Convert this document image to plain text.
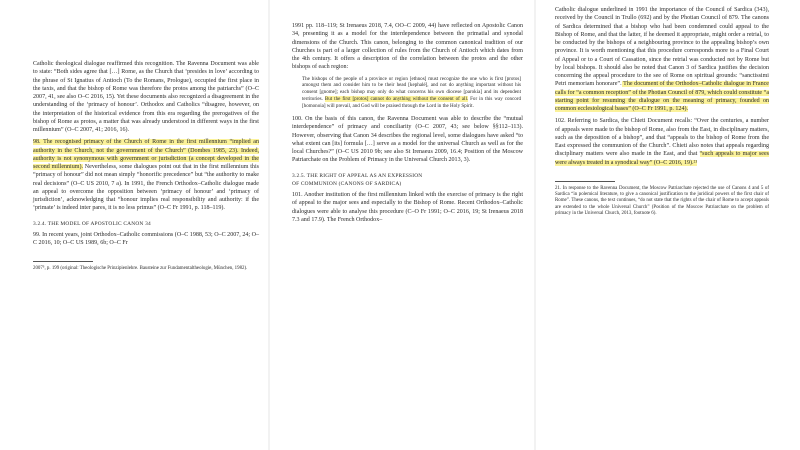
Catholic theological dialogue reaffirmed this recognition. The Ravenna Document was able to state: “Both sides agree that […] Rome, as the Church that ‘presides in love’ according to the phrase of St Ignatius of Antioch (To the Romans, Prologue), occupied the first place in the taxis, and that the bishop of Rome was therefore the protos among the patriarchs” (O–C 2007, 41, see also O–C 2016, 15). Yet these documents also recognized a disagreement in the understanding of the ‘primacy of honour’. Orthodox and Catholics “disagree, however, on the interpretation of the historical evidence from this era regarding the prerogatives of the bishop of Rome as protos, a matter that was already understood in different ways in the first millennium” (O–C 2007, 41; 2016, 16).

98. The recognised primacy of the Church of Rome in the first millennium “implied an authority in the Church, not the government of the Church” (Dombes 1985, 23). Indeed, authority is not synonymous with government or jurisdiction (a concept developed in the second millennium). Nevertheless, some dialogues point out that in the first millennium this “primacy of honour” did not mean simply “honorific precedence” but “the authority to make real decisions” (O–C US 2010, 7 a). In 1991, the French Orthodox–Catholic dialogue made an appeal to overcome the opposition between ‘primacy of honour’ and ‘primacy of jurisdiction’, acknowledging that “honour implies real responsibility and authority: if the ‘primate’ is indeed inter pares, it is no less primus” (O–C Fr 1991, p. 118–119).

3.2.4. THE MODEL OF APOSTOLIC CANON 34

99. In recent years, joint Orthodox–Catholic commissions (O–C 1988, 53; O–C 2007, 24; O–C 2016, 10; O–C US 1989, 6b; O–C Fr

2007⁵, p. 199 (original: Theologische Prinzipienlehre. Bausteine zur Fundamentaltheologie, München, 1982).

1991 pp. 118–119; St Irenaeus 2018, 7.4, OO–C 2009, 44) have reflected on Apostolic Canon 34, presenting it as a model for the interdependence between the primatial and synodal dimensions of the Church. This canon, belonging to the common canonical tradition of our Churches is part of a larger collection of rules from the Church of Antioch which dates from the 4th century. It offers a description of the correlation between the protos and the other bishops of each region:

The bishops of the people of a province or region [ethnos] must recognize the one who is first [protos] amongst them and consider him to be their head [kephalé], and not do anything important without his consent [gnome]; each bishop may only do what concerns his own diocese [parokia] and its dependent territories. But the first [protos] cannot do anything without the consent of all. For in this way concord [homonoia] will prevail, and God will be praised through the Lord in the Holy Spirit.

100. On the basis of this canon, the Ravenna Document was able to describe the “mutual interdependence” of primacy and conciliarity (O–C 2007, 43; see below §§112–113). However, observing that Canon 34 describes the regional level, some dialogues have asked “to what extent can [its] formula […] serve as a model for the universal Church as well as for the local Churches?” (O–C US 2010 9b; see also St Irenaeus 2009, 16.4; Position of the Moscow Patriarchate on the Problem of Primacy in the Universal Church 2013, 3).

3.2.5. THE RIGHT OF APPEAL AS AN EXPRESSION
OF COMMUNION (CANONS OF SARDICA)

101. Another institution of the first millennium linked with the exercise of primacy is the right of appeal to the major sees and especially to the Bishop of Rome. Recent Orthodox–Catholic dialogues were able to analyse this procedure (C–O Fr 1991; O–C 2016, 19; St Irenaeus 2018 7.3 and 17.9). The French Orthodox–

Catholic dialogue underlined in 1991 the importance of the Council of Sardica (343), received by the Council in Trullo (692) and by the Photian Council of 879. The canons of Sardica determined that a bishop who had been condemned could appeal to the Bishop of Rome, and that the latter, if he deemed it appropriate, might order a retrial, to be conducted by the bishops of a neighbouring province to the appealing bishop’s own province. It is worth mentioning that this procedure corresponds more to a Final Court of Appeal or to a Court of Cassation, since the retrial was conducted not by Rome but by local bishops. It should also be noted that Canon 3 of Sardica justifies the decision concerning the appeal procedure to the see of Rome on spiritual grounds: “sanctissimi Petri memoriam honorare”. The document of the Orthodox–Catholic dialogue in France calls for “a common reception” of the Photian Council of 879, which could constitute “a starting point for resuming the dialogue on the meaning of primacy, founded on common ecclesiological bases” (O–C Fr 1991, p. 124).

102. Referring to Sardica, the Chieti Document recalls: “Over the centuries, a number of appeals were made to the bishop of Rome, also from the East, in disciplinary matters, such as the deposition of a bishop”, and that “appeals to the bishop of Rome from the East expressed the communion of the Church”. Chieti also notes that appeals regarding disciplinary matters were also made in the East, and that “such appeals to major sees were always treated in a synodical way” (O–C 2016, 19).²¹

21. In response to the Ravenna Document, the Moscow Patriarchate rejected the use of Canons 4 and 5 of Sardica “in polemical literature, to give a canonical justification to the juridical powers of the first chair of Rome”. These canons, the text continues, “do not state that the rights of the chair of Rome to accept appeals are extended to the whole Universal Church” (Position of the Moscow Patriarchate on the problem of primacy in the Universal Church, 2013, footnote 6).
